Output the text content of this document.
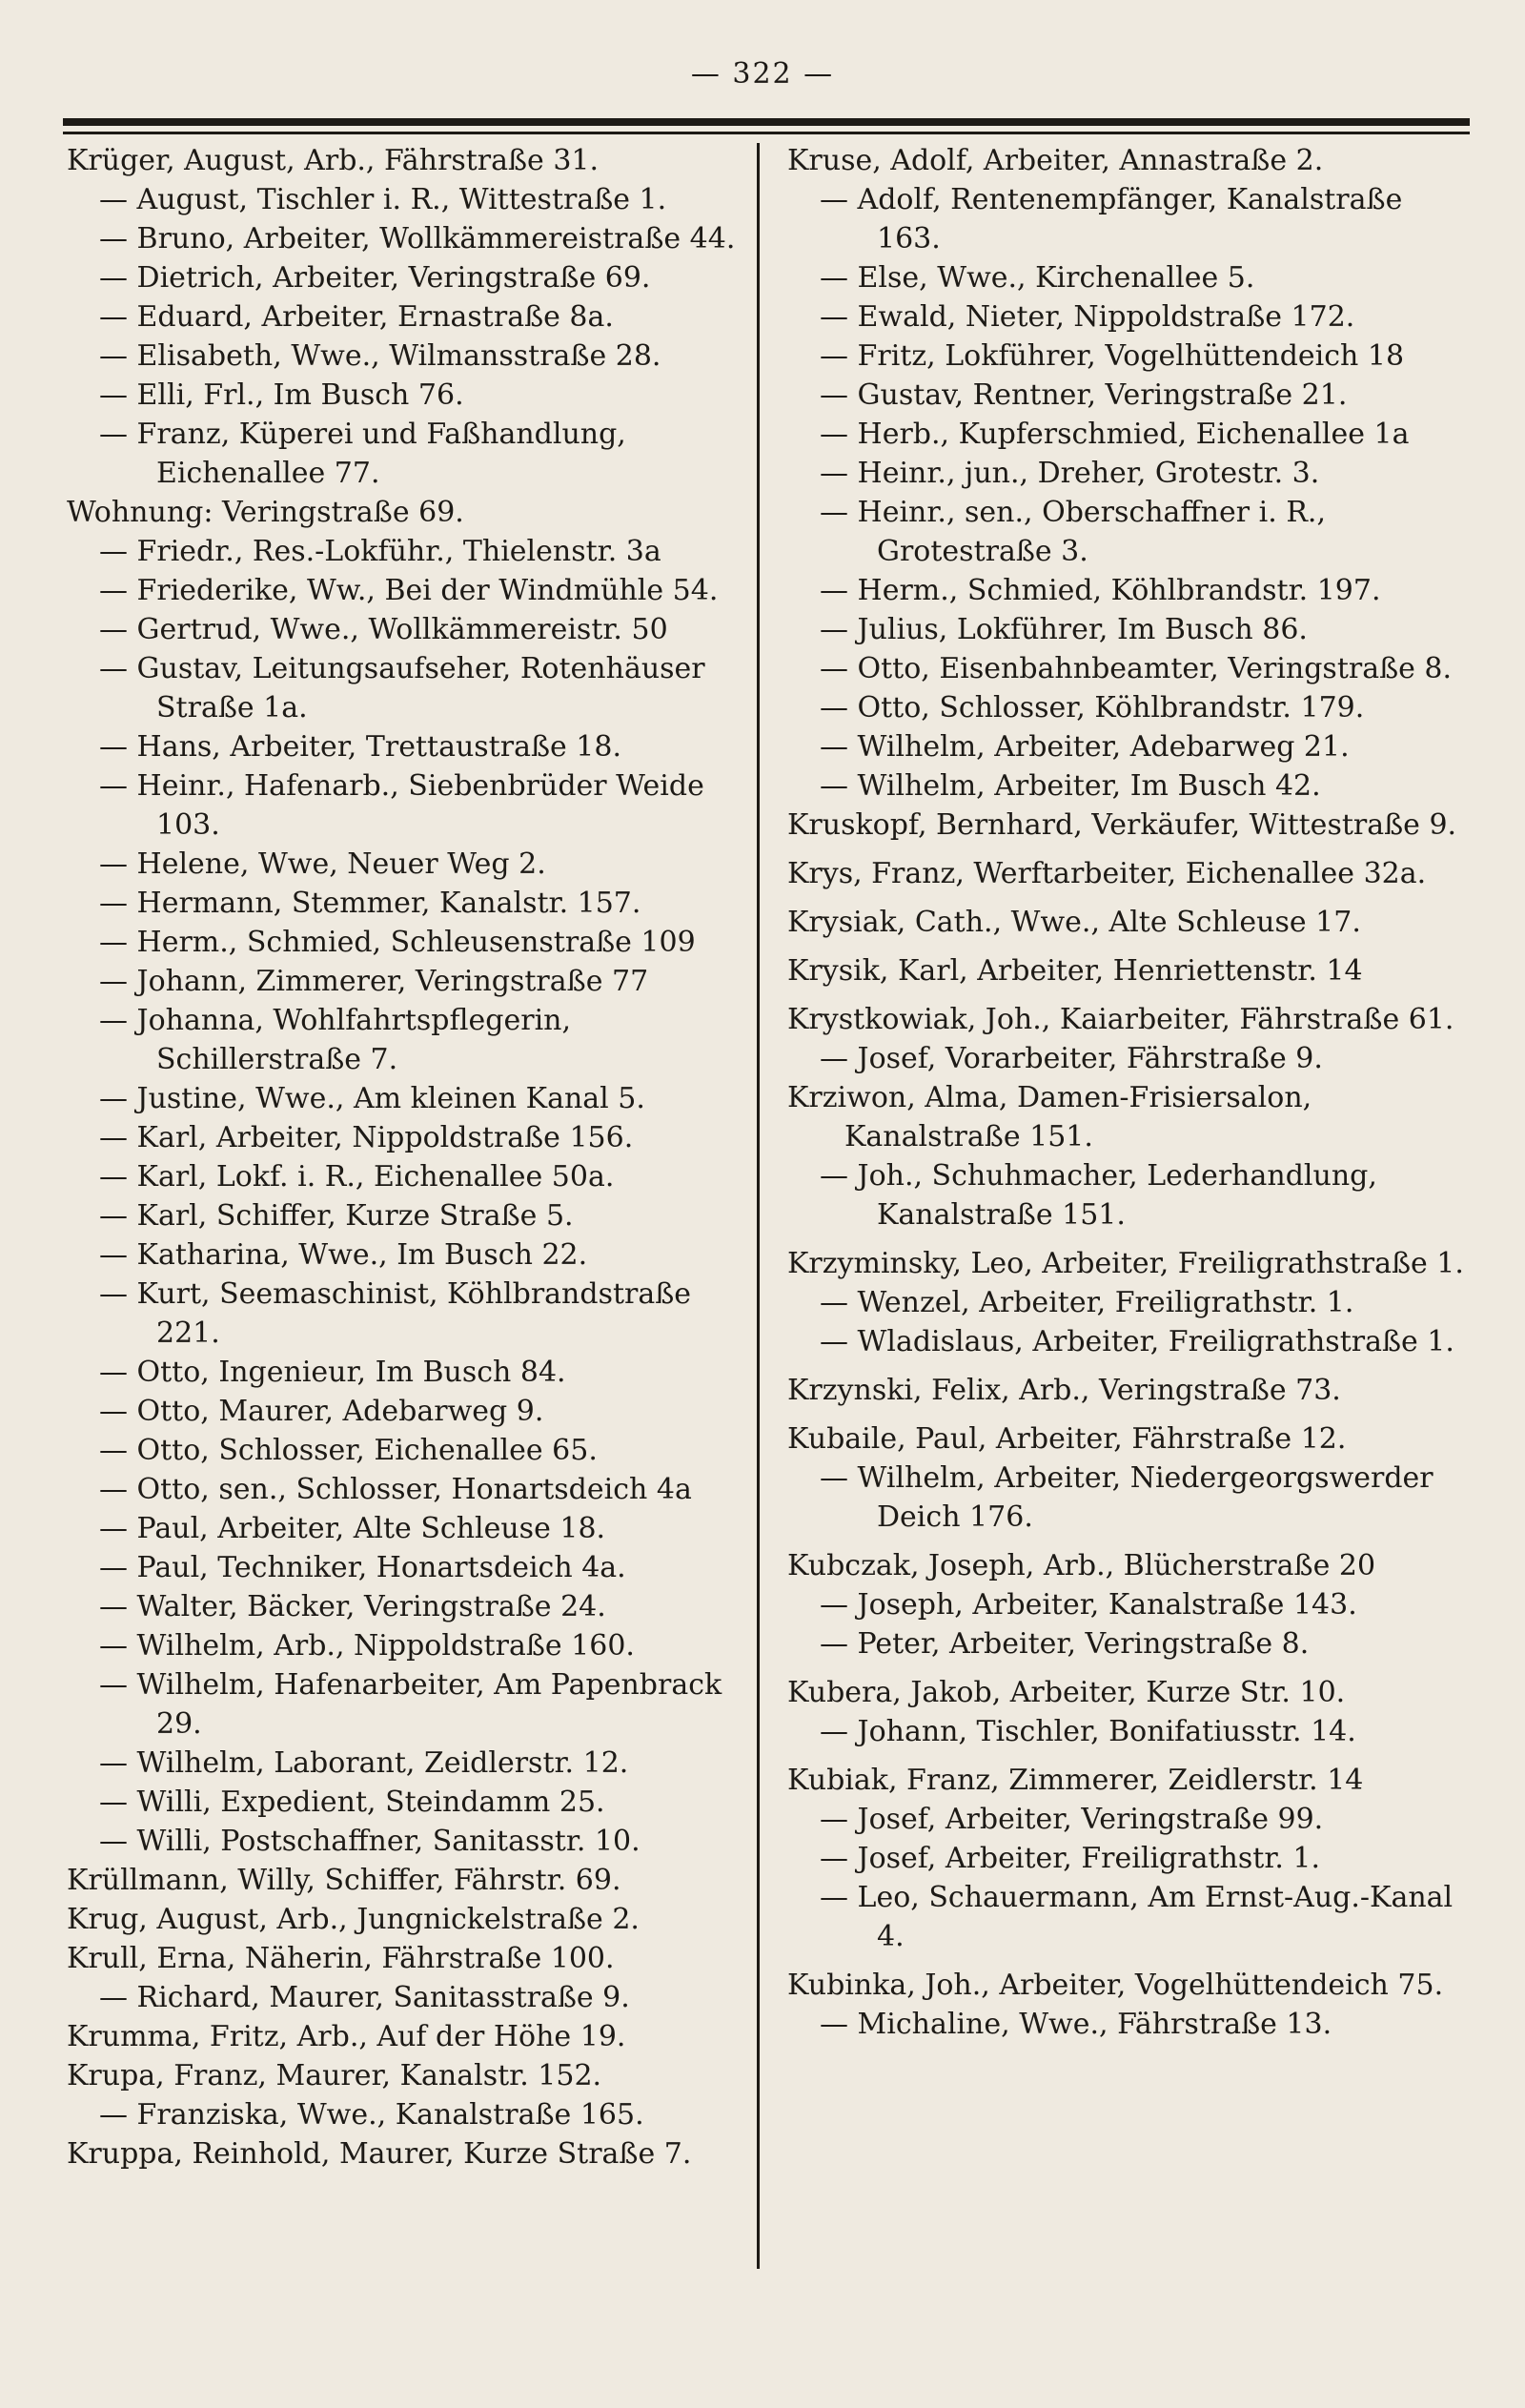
— 322 —
Krüger, August, Arb., Fährstraße 31.
— August, Tischler i. R., Wittestraße 1.
— Bruno, Arbeiter, Wollkämmereistraße 44.
— Dietrich, Arbeiter, Veringstraße 69.
— Eduard, Arbeiter, Ernastraße 8a.
— Elisabeth, Wwe., Wilmansstraße 28.
— Elli, Frl., Im Busch 76.
— Franz, Küperei und Faßhandlung, Eichenallee 77.
Wohnung: Veringstraße 69.
— Friedr., Res.-Lokführ., Thielenstr. 3a
— Friederike, Ww., Bei der Windmühle 54.
— Gertrud, Wwe., Wollkämmereistr. 50
— Gustav, Leitungsaufseher, Rotenhäuser Straße 1a.
— Hans, Arbeiter, Trettaustraße 18.
— Heinr., Hafenarb., Siebenbrüder Weide 103.
— Helene, Wwe, Neuer Weg 2.
— Hermann, Stemmer, Kanalstr. 157.
— Herm., Schmied, Schleusenstraße 109
— Johann, Zimmerer, Veringstraße 77
— Johanna, Wohlfahrtspflegerin, Schillerstraße 7.
— Justine, Wwe., Am kleinen Kanal 5.
— Karl, Arbeiter, Nippoldstraße 156.
— Karl, Lokf. i. R., Eichenallee 50a.
— Karl, Schiffer, Kurze Straße 5.
— Katharina, Wwe., Im Busch 22.
— Kurt, Seemaschinist, Köhlbrandstraße 221.
— Otto, Ingenieur, Im Busch 84.
— Otto, Maurer, Adebarweg 9.
— Otto, Schlosser, Eichenallee 65.
— Otto, sen., Schlosser, Honartsdeich 4a
— Paul, Arbeiter, Alte Schleuse 18.
— Paul, Techniker, Honartsdeich 4a.
— Walter, Bäcker, Veringstraße 24.
— Wilhelm, Arb., Nippoldstraße 160.
— Wilhelm, Hafenarbeiter, Am Papenbrack 29.
— Wilhelm, Laborant, Zeidlerstr. 12.
— Willi, Expedient, Steindamm 25.
— Willi, Postschaffner, Sanitasstr. 10.
Krüllmann, Willy, Schiffer, Fährstr. 69.
Krug, August, Arb., Jungnickelstraße 2.
Krull, Erna, Näherin, Fährstraße 100.
— Richard, Maurer, Sanitasstraße 9.
Krumma, Fritz, Arb., Auf der Höhe 19.
Krupa, Franz, Maurer, Kanalstr. 152.
— Franziska, Wwe., Kanalstraße 165.
Kruppa, Reinhold, Maurer, Kurze Straße 7.
Kruse, Adolf, Arbeiter, Annastraße 2.
— Adolf, Rentenempfänger, Kanalstraße 163.
— Else, Wwe., Kirchenallee 5.
— Ewald, Nieter, Nippoldstraße 172.
— Fritz, Lokführer, Vogelhüttendeich 18
— Gustav, Rentner, Veringstraße 21.
— Herb., Kupferschmied, Eichenallee 1a
— Heinr., jun., Dreher, Grotestr. 3.
— Heinr., sen., Oberschaffner i. R., Grotestraße 3.
— Herm., Schmied, Köhlbrandstr. 197.
— Julius, Lokführer, Im Busch 86.
— Otto, Eisenbahnbeamter, Veringstraße 8.
— Otto, Schlosser, Köhlbrandstr. 179.
— Wilhelm, Arbeiter, Adebarweg 21.
— Wilhelm, Arbeiter, Im Busch 42.
Kruskopf, Bernhard, Verkäufer, Wittestraße 9.
Krys, Franz, Werftarbeiter, Eichenallee 32a.
Krysiak, Cath., Wwe., Alte Schleuse 17.
Krysik, Karl, Arbeiter, Henriettenstr. 14
Krystkowiak, Joh., Kaiarbeiter, Fährstraße 61.
— Josef, Vorarbeiter, Fährstraße 9.
Krziwon, Alma, Damen-Frisiersalon, Kanalstraße 151.
— Joh., Schuhmacher, Lederhandlung, Kanalstraße 151.
Krzyminsky, Leo, Arbeiter, Freiligrathstraße 1.
— Wenzel, Arbeiter, Freiligrathstr. 1.
— Wladislaus, Arbeiter, Freiligrathstraße 1.
Krzynski, Felix, Arb., Veringstraße 73.
Kubaile, Paul, Arbeiter, Fährstraße 12.
— Wilhelm, Arbeiter, Niedergeorgswerder Deich 176.
Kubczak, Joseph, Arb., Blücherstraße 20
— Joseph, Arbeiter, Kanalstraße 143.
— Peter, Arbeiter, Veringstraße 8.
Kubera, Jakob, Arbeiter, Kurze Str. 10.
— Johann, Tischler, Bonifatiusstr. 14.
Kubiak, Franz, Zimmerer, Zeidlerstr. 14
— Josef, Arbeiter, Veringstraße 99.
— Josef, Arbeiter, Freiligrathstr. 1.
— Leo, Schauermann, Am Ernst-Aug.-Kanal 4.
Kubinka, Joh., Arbeiter, Vogelhüttendeich 75.
— Michaline, Wwe., Fährstraße 13.
